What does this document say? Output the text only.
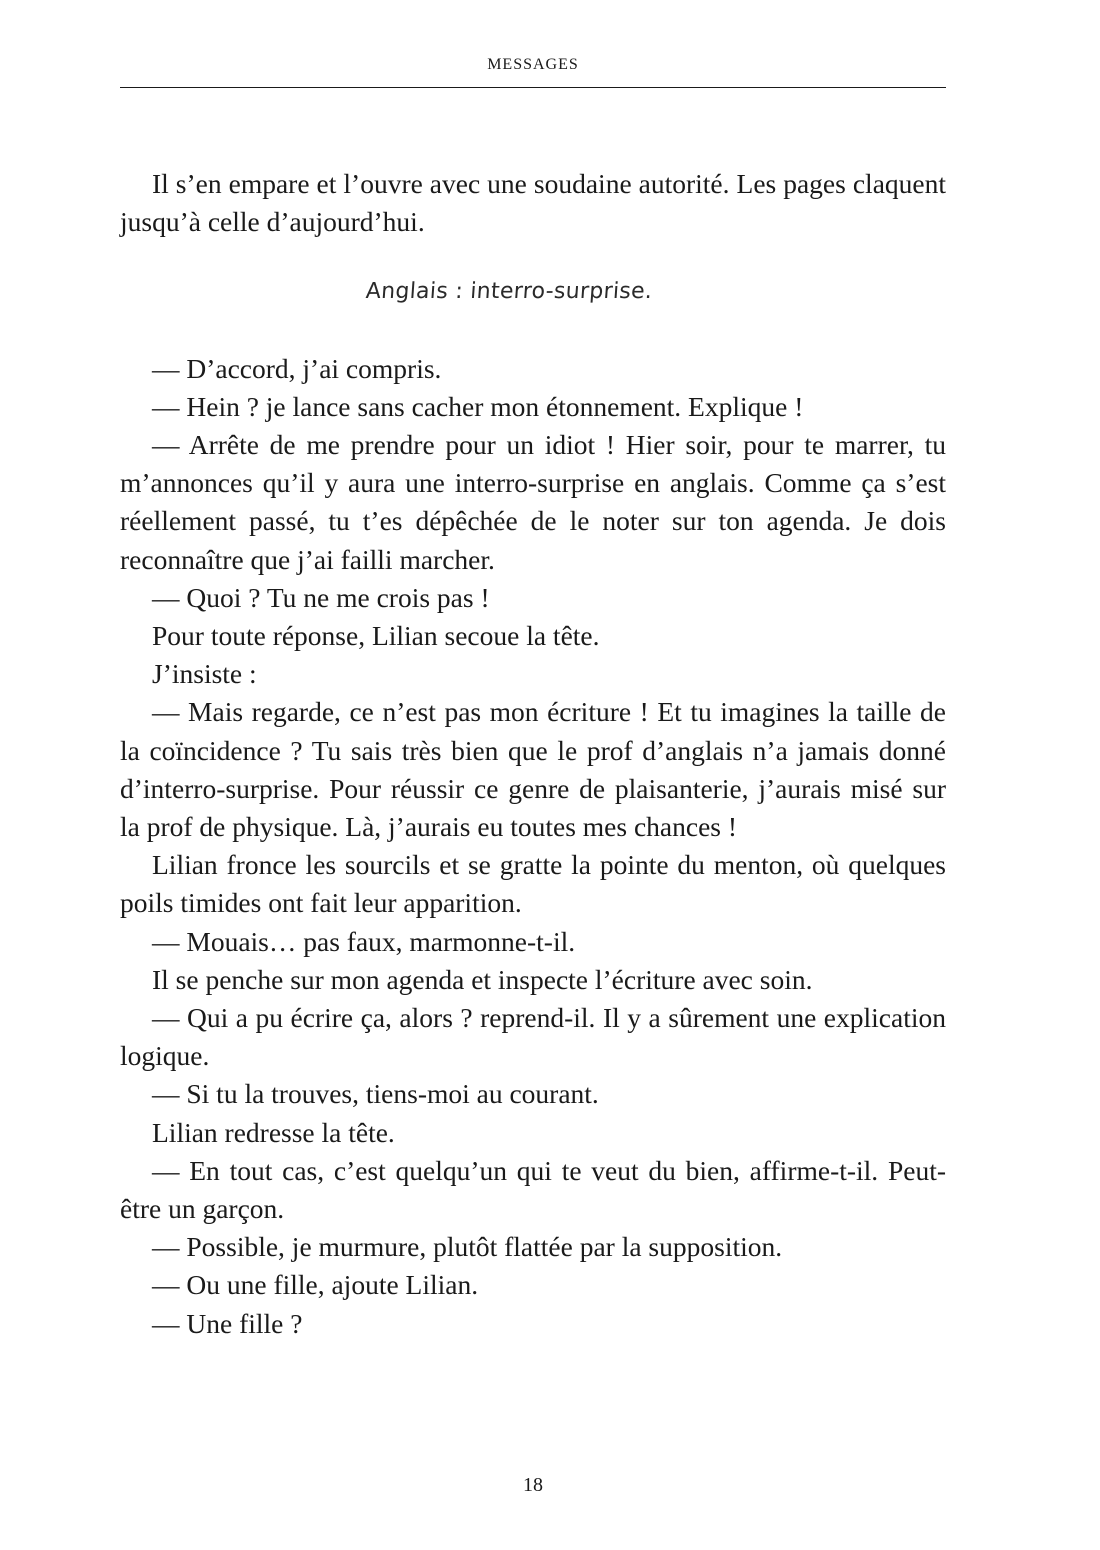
MESSAGES

Il s’en empare et l’ouvre avec une soudaine autorité. Les pages claquent jusqu’à celle d’aujourd’hui.

Anglais : interro-surprise.

— D’accord, j’ai compris.

— Hein ? je lance sans cacher mon étonnement. Explique !

— Arrête de me prendre pour un idiot ! Hier soir, pour te marrer, tu m’annonces qu’il y aura une interro-surprise en anglais. Comme ça s’est réellement passé, tu t’es dépêchée de le noter sur ton agenda. Je dois reconnaître que j’ai failli marcher.

— Quoi ? Tu ne me crois pas !

Pour toute réponse, Lilian secoue la tête.

J’insiste :

— Mais regarde, ce n’est pas mon écriture ! Et tu imagines la taille de la coïncidence ? Tu sais très bien que le prof d’anglais n’a jamais donné d’interro-surprise. Pour réussir ce genre de plaisanterie, j’aurais misé sur la prof de physique. Là, j’aurais eu toutes mes chances !

Lilian fronce les sourcils et se gratte la pointe du menton, où quelques poils timides ont fait leur apparition.

— Mouais… pas faux, marmonne-t-il.

Il se penche sur mon agenda et inspecte l’écriture avec soin.

— Qui a pu écrire ça, alors ? reprend-il. Il y a sûrement une explication logique.

— Si tu la trouves, tiens-moi au courant.

Lilian redresse la tête.

— En tout cas, c’est quelqu’un qui te veut du bien, affirme-t-il. Peut-être un garçon.

— Possible, je murmure, plutôt flattée par la supposition.

— Ou une fille, ajoute Lilian.

— Une fille ?

18
